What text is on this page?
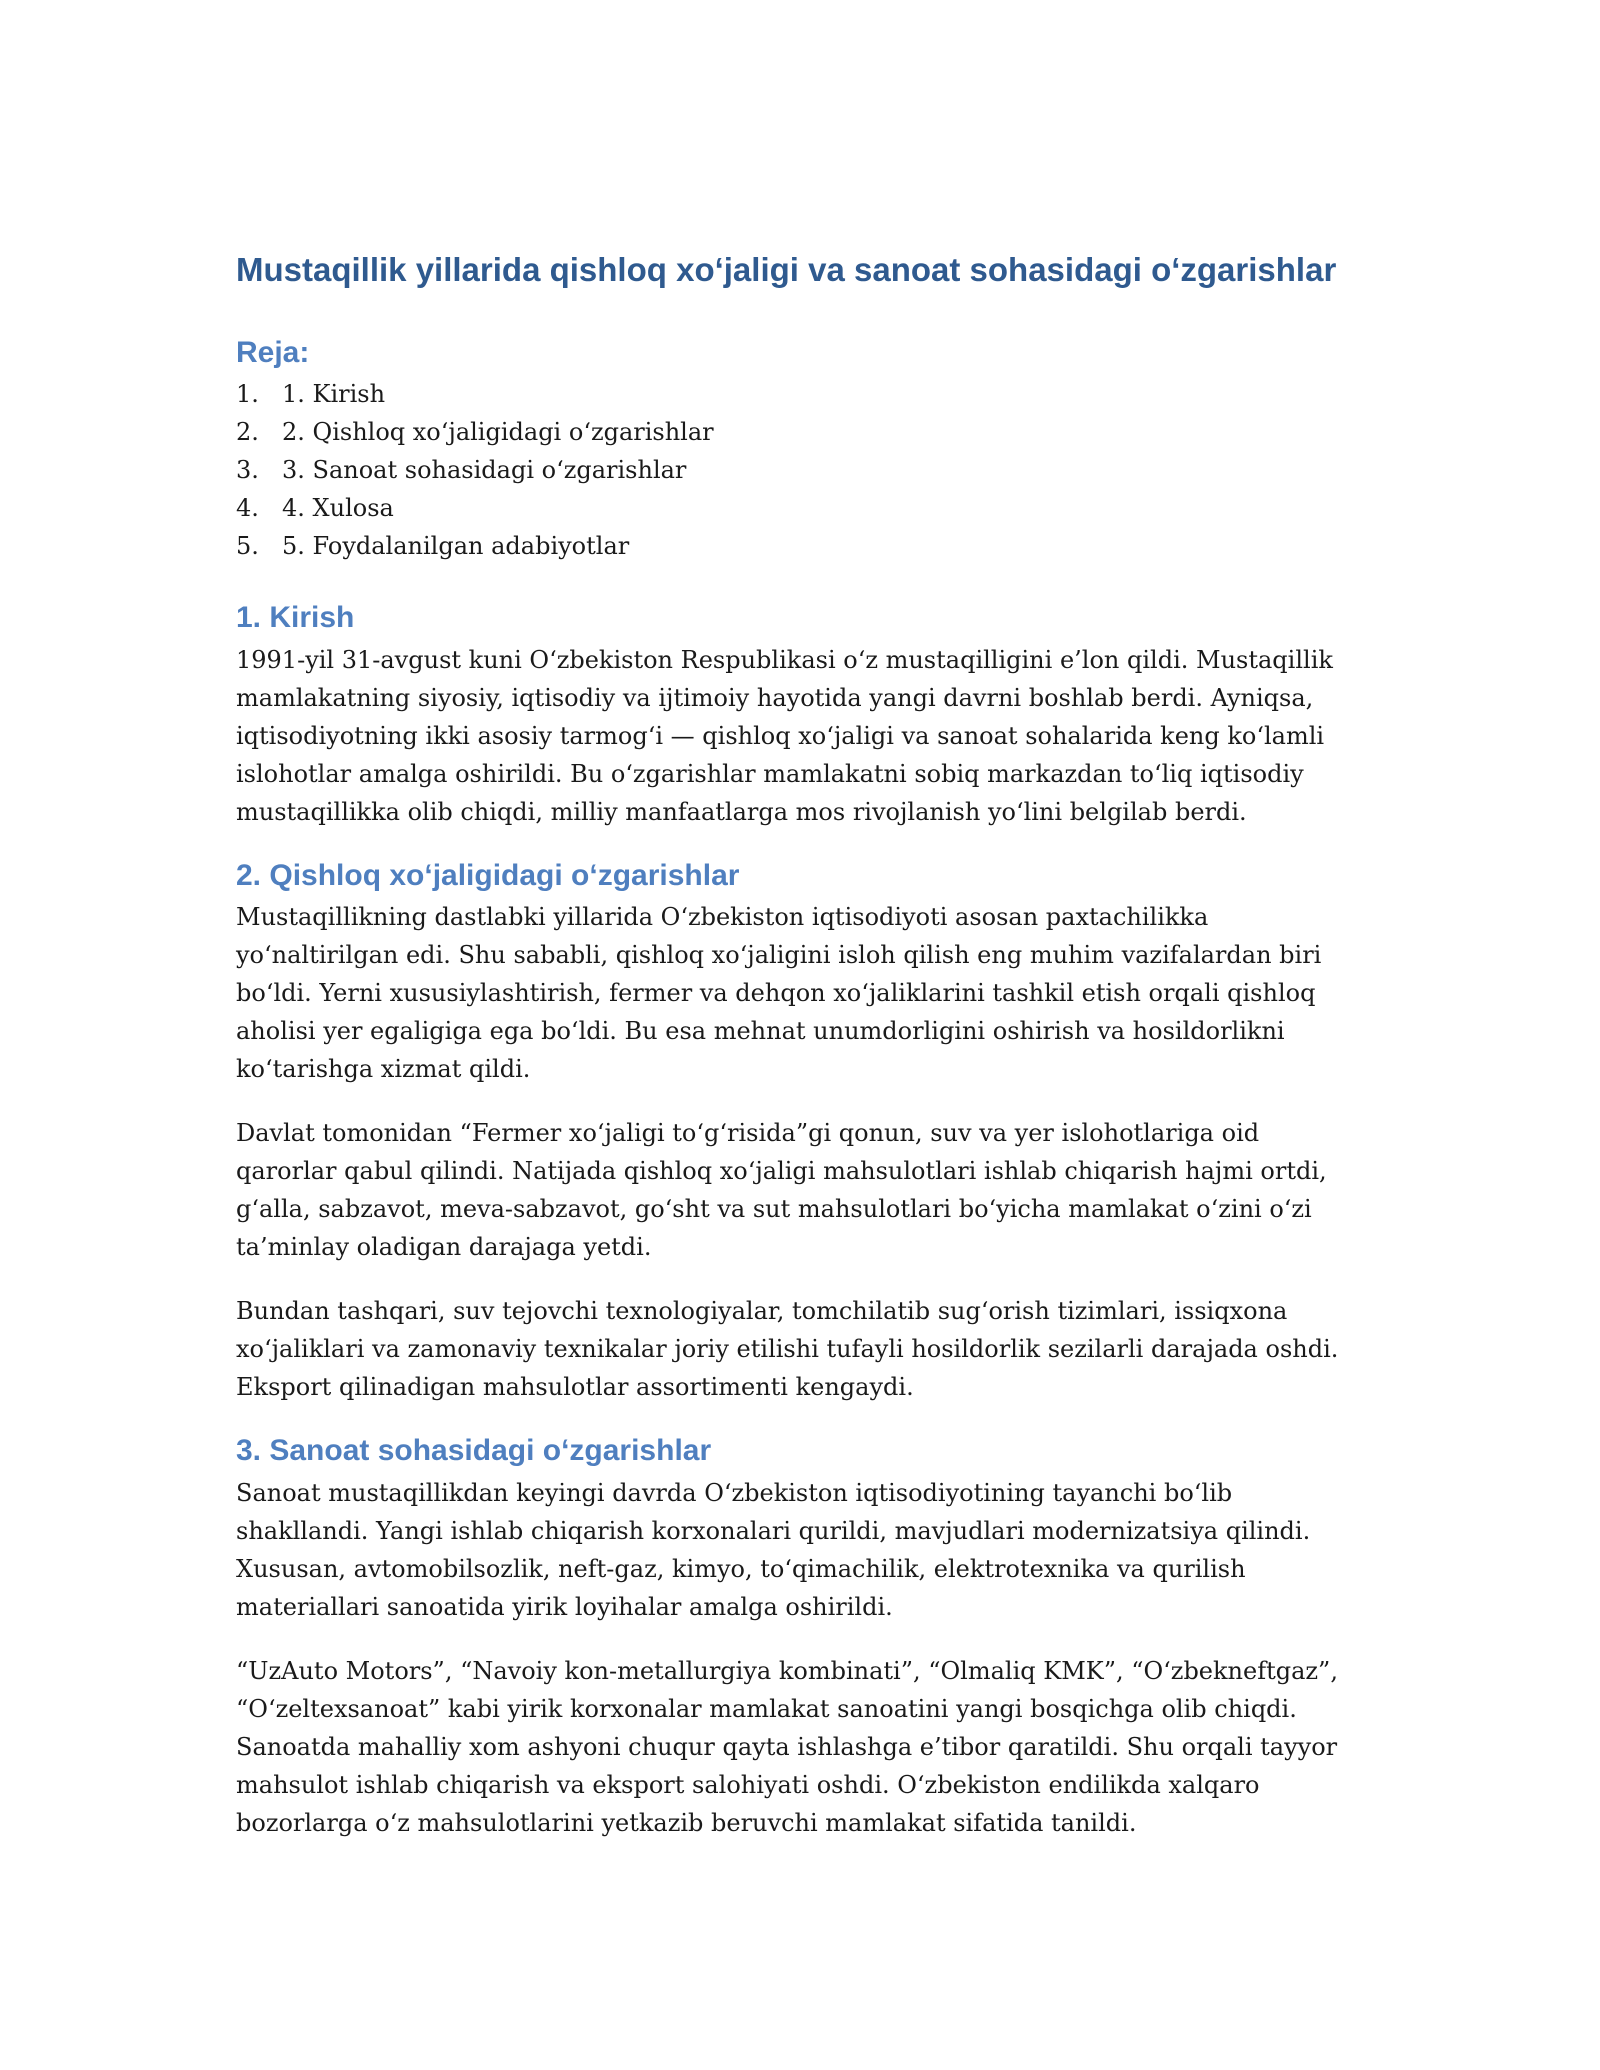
Mustaqillik yillarida qishloq xo‘jaligi va sanoat sohasidagi o‘zgarishlar
Reja:
1. 1. Kirish
2. 2. Qishloq xo‘jaligidagi o‘zgarishlar
3. 3. Sanoat sohasidagi o‘zgarishlar
4. 4. Xulosa
5. 5. Foydalanilgan adabiyotlar
1. Kirish

1991-yil 31-avgust kuni O‘zbekiston Respublikasi o‘z mustaqilligini e’lon qildi. Mustaqillik mamlakatning siyosiy, iqtisodiy va ijtimoiy hayotida yangi davrni boshlab berdi. Ayniqsa, iqtisodiyotning ikki asosiy tarmog‘i — qishloq xo‘jaligi va sanoat sohalarida keng ko‘lamli islohotlar amalga oshirildi. Bu o‘zgarishlar mamlakatni sobiq markazdan to‘liq iqtisodiy mustaqillikka olib chiqdi, milliy manfaatlarga mos rivojlanish yo‘lini belgilab berdi.

2. Qishloq xo‘jaligidagi o‘zgarishlar

Mustaqillikning dastlabki yillarida O‘zbekiston iqtisodiyoti asosan paxtachilikka yo‘naltirilgan edi. Shu sababli, qishloq xo‘jaligini isloh qilish eng muhim vazifalardan biri bo‘ldi. Yerni xususiylashtirish, fermer va dehqon xo‘jaliklarini tashkil etish orqali qishloq aholisi yer egaligiga ega bo‘ldi. Bu esa mehnat unumdorligini oshirish va hosildorlikni ko‘tarishga xizmat qildi.

Davlat tomonidan “Fermer xo‘jaligi to‘g‘risida”gi qonun, suv va yer islohotlariga oid qarorlar qabul qilindi. Natijada qishloq xo‘jaligi mahsulotlari ishlab chiqarish hajmi ortdi, g‘alla, sabzavot, meva-sabzavot, go‘sht va sut mahsulotlari bo‘yicha mamlakat o‘zini o‘zi ta’minlay oladigan darajaga yetdi.

Bundan tashqari, suv tejovchi texnologiyalar, tomchilatib sug‘orish tizimlari, issiqxona xo‘jaliklari va zamonaviy texnikalar joriy etilishi tufayli hosildorlik sezilarli darajada oshdi. Eksport qilinadigan mahsulotlar assortimenti kengaydi.

3. Sanoat sohasidagi o‘zgarishlar

Sanoat mustaqillikdan keyingi davrda O‘zbekiston iqtisodiyotining tayanchi bo‘lib shakllandi. Yangi ishlab chiqarish korxonalari qurildi, mavjudlari modernizatsiya qilindi. Xususan, avtomobilsozlik, neft-gaz, kimyo, to‘qimachilik, elektrotexnika va qurilish materiallari sanoatida yirik loyihalar amalga oshirildi.

“UzAuto Motors”, “Navoiy kon-metallurgiya kombinati”, “Olmaliq KMK”, “O‘zbekneftgaz”, “O‘zeltexsanoat” kabi yirik korxonalar mamlakat sanoatini yangi bosqichga olib chiqdi. Sanoatda mahalliy xom ashyoni chuqur qayta ishlashga e’tibor qaratildi. Shu orqali tayyor mahsulot ishlab chiqarish va eksport salohiyati oshdi. O‘zbekiston endilikda xalqaro bozorlarga o‘z mahsulotlarini yetkazib beruvchi mamlakat sifatida tanildi.
